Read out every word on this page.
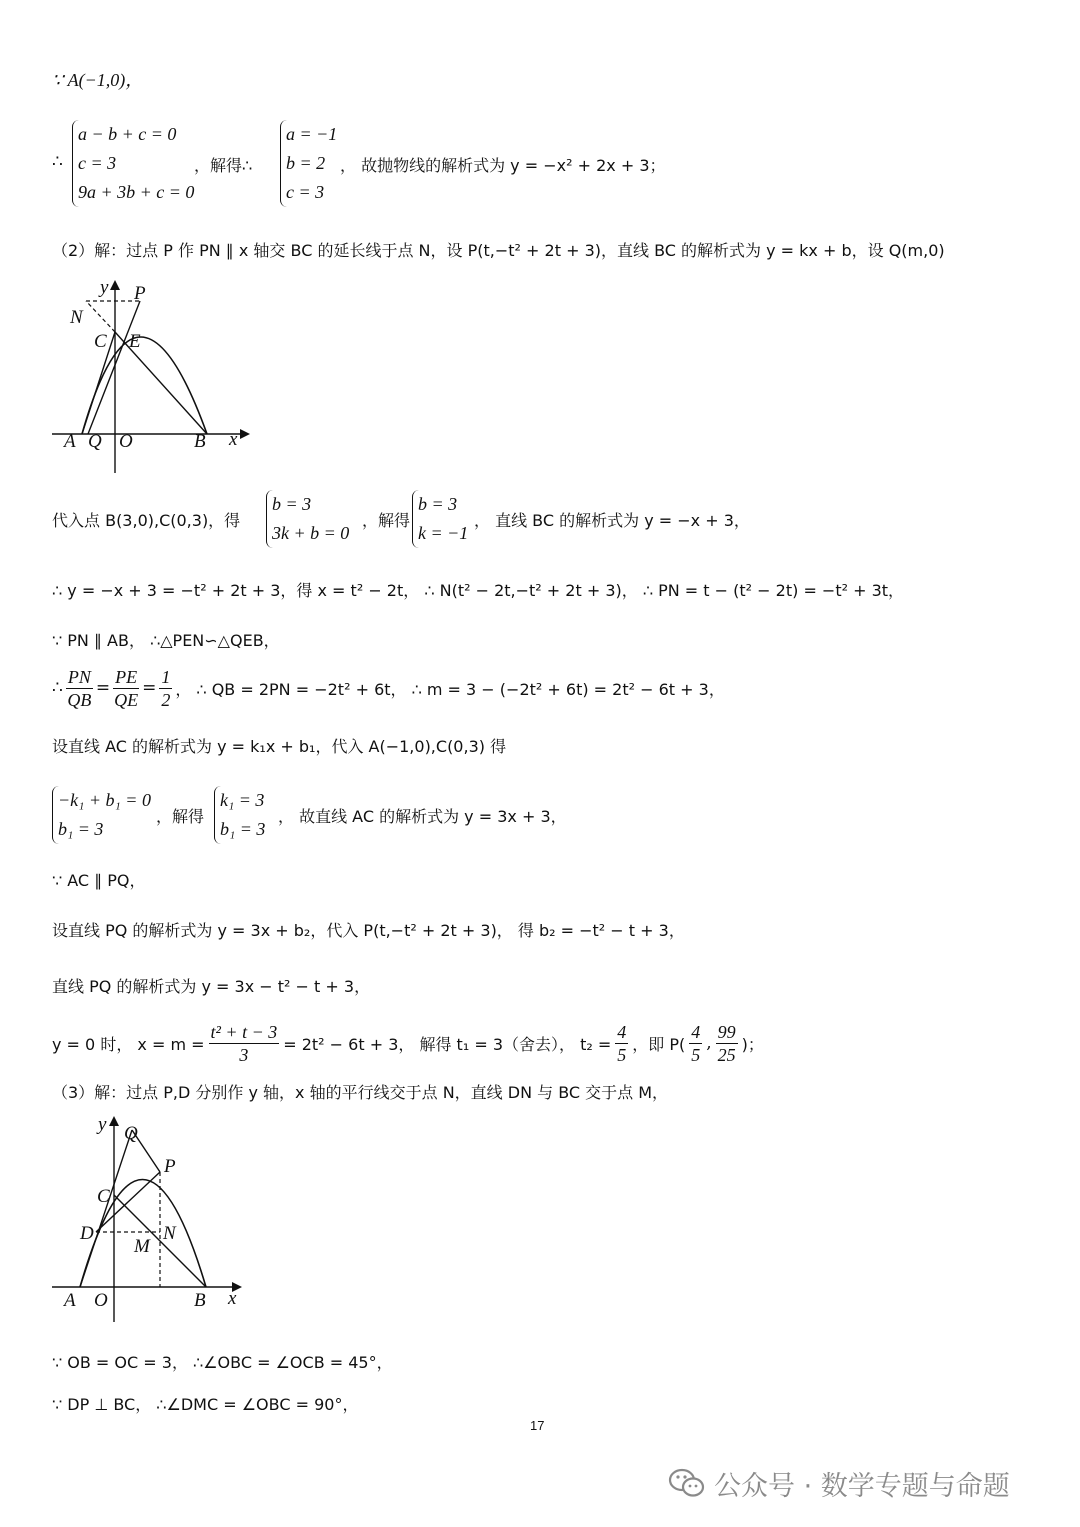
∵ A(−1,0)，
∴
a − b + c = 0
c = 3
9a + 3b + c = 0
，解得∴
a = −1
b = 2
c = 3
， 故抛物线的解析式为 y = −x² + 2x + 3；
（2）解：过点 P 作 PN ∥ x 轴交 BC 的延长线于点 N，设 P(t,−t² + 2t + 3)，直线 BC 的解析式为 y = kx + b，设 Q(m,0)
y P
N
C E
A Q O	B x
代入点 B(3,0),C(0,3)，得
b = 3
3k + b = 0
，解得
b = 3
k = −1
， 直线 BC 的解析式为 y = −x + 3，
∴ y = −x + 3 = −t² + 2t + 3，得 x = t² − 2t， ∴ N(t² − 2t,−t² + 2t + 3)， ∴ PN = t − (t² − 2t) = −t² + 3t，
∵ PN ∥ AB， ∴△PEN∽△QEB，
∴ $\frac{PN}{QB} = \frac{PE}{QE} = \frac{1}{2}$ ， ∴ QB = 2PN = −2t² + 6t， ∴ m = 3 − (−2t² + 6t) = 2t² − 6t + 3，
设直线 AC 的解析式为 y = k₁x + b₁，代入 A(−1,0),C(0,3) 得
−k₁ + b₁ = 0
b₁ = 3
，解得
k₁ = 3
b₁ = 3
， 故直线 AC 的解析式为 y = 3x + 3，
∵ AC ∥ PQ，
设直线 PQ 的解析式为 y = 3x + b₂，代入 P(t,−t² + 2t + 3)， 得 b₂ = −t² − t + 3，
直线 PQ 的解析式为 y = 3x − t² − t + 3，
y = 0 时， $x = m = \frac{\text{t² + t − 3}}{3} = 2t^2 - 6t + 3$， 解得 t₁ = 3（舍去）， $t_2 = \frac{4}{5}$ ，即 $P( \frac{4}{5}$ , $\frac{99}{25}$ )；
（3）解：过点 P,D 分别作 y 轴，x 轴的平行线交于点 N，直线 DN 与 BC 交于点 M，
y Q
P
C
D
M
N
A O	B x
∵ OB = OC = 3， ∴∠OBC = ∠OCB = 45°，
∵ DP ⊥ BC， ∴∠DMC = ∠OBC = 90°，
17
公众号 · 数学专题与命题
